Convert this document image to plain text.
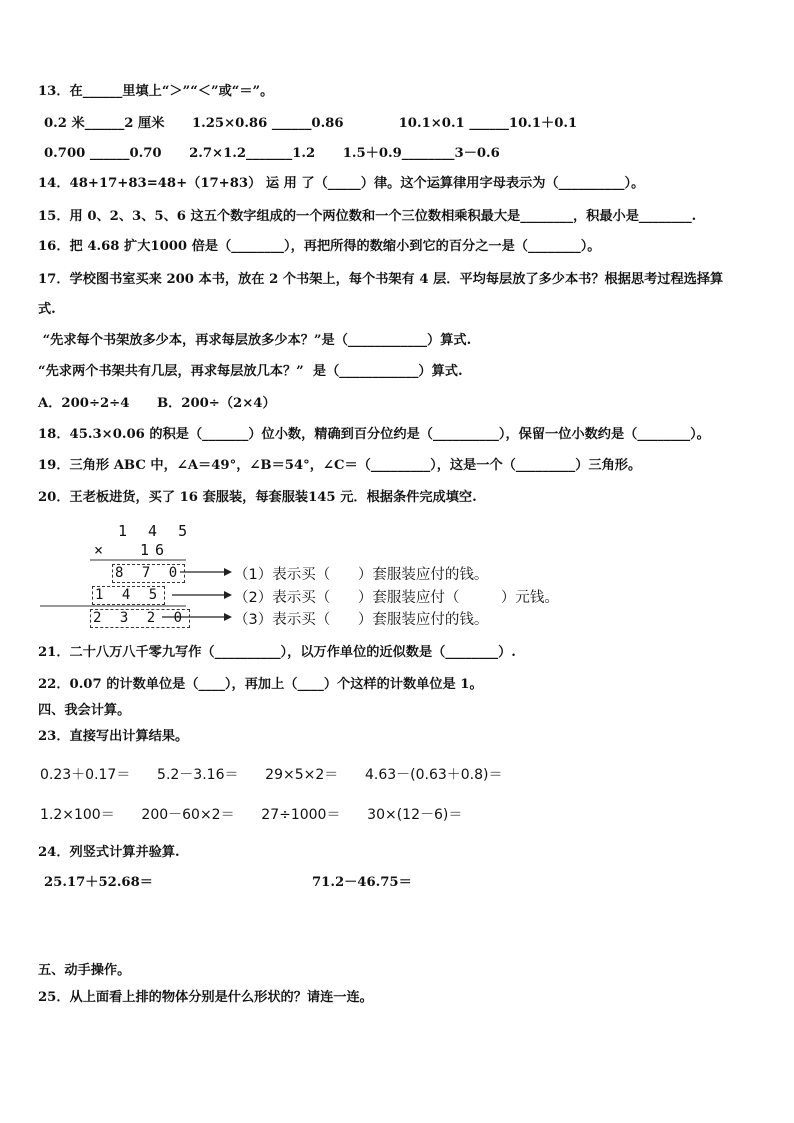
13．在______里填上“＞”“＜”或“＝”。
0.2 米______2 厘米      1.25×0.86 ______0.86            10.1×0.1 ______10.1＋0.1
0.700 ______0.70      2.7×1.2_______1.2      1.5＋0.9________3－0.6
14．48+17+83=48+（17+83） 运 用 了（_____）律。这个运算律用字母表示为（__________）。
15．用 0、2、3、5、6 这五个数字组成的一个两位数和一个三位数相乘积最大是________，积最小是________.
16．把 4.68 扩大1000 倍是（________），再把所得的数缩小到它的百分之一是（________）。
17．学校图书室买来 200 本书，放在 2 个书架上，每个书架有 4 层．平均每层放了多少本书？根据思考过程选择算
式.
“先求每个书架放多少本，再求每层放多少本？”是（____________）算式.
“先求两个书架共有几层，再求每层放几本？”  是（____________）算式.
A．200÷2÷4      B．200÷（2×4）
18．45.3×0.06 的积是（_______）位小数，精确到百分位约是（__________），保留一位小数约是（________）。
19．三角形 ABC 中，∠A＝49°，∠B＝54°，∠C＝（_________），这是一个（_________）三角形。
20．王老板进货，买了 16 套服装，每套服装145 元．根据条件完成填空.
1 4 5
× 16
8 7 0
1 4 5
2 3 2 0
（1）表示买（      ）套服装应付的钱。
（2）表示买（      ）套服装应付（         ）元钱。
（3）表示买（      ）套服装应付的钱。
21．二十八万八千零九写作（__________），以万作单位的近似数是（________）.
22．0.07 的计数单位是（____），再加上（____）个这样的计数单位是 1。
四、我会计算。
23．直接写出计算结果。
0.23＋0.17＝      5.2－3.16＝      29×5×2＝      4.63－(0.63＋0.8)＝
1.2×100＝      200－60×2＝      27÷1000＝      30×(12－6)＝
24．列竖式计算并验算.
25.17＋52.68＝	71.2－46.75＝
五、动手操作。
25．从上面看上排的物体分别是什么形状的？请连一连。
